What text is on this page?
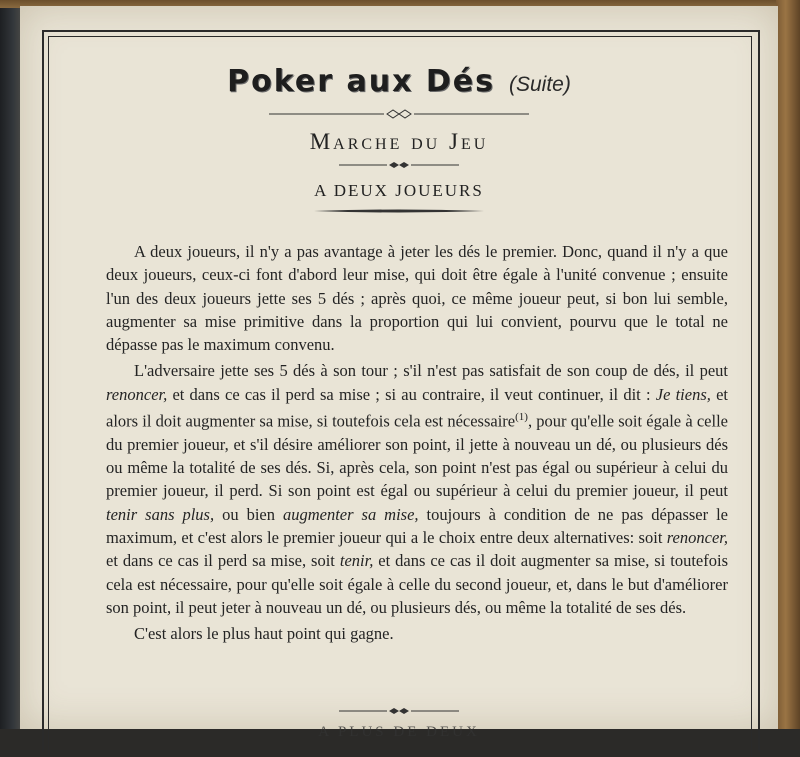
Poker aux Dés (Suite)
Marche du Jeu
A DEUX JOUEURS

A deux joueurs, il n'y a pas avantage à jeter les dés le premier. Donc, quand il n'y a que deux joueurs, ceux-ci font d'abord leur mise, qui doit être égale à l'unité convenue ; ensuite l'un des deux joueurs jette ses 5 dés ; après quoi, ce même joueur peut, si bon lui semble, augmenter sa mise primitive dans la proportion qui lui convient, pourvu que le total ne dépasse pas le maximum convenu.

L'adversaire jette ses 5 dés à son tour ; s'il n'est pas satisfait de son coup de dés, il peut renoncer, et dans ce cas il perd sa mise ; si au contraire, il veut continuer, il dit : Je tiens, et alors il doit augmenter sa mise, si toutefois cela est nécessaire$^{(1)}$, pour qu'elle soit égale à celle du premier joueur, et s'il désire améliorer son point, il jette à nouveau un dé, ou plusieurs dés ou même la totalité de ses dés. Si, après cela, son point n'est pas égal ou supérieur à celui du premier joueur, il perd. Si son point est égal ou supérieur à celui du premier joueur, il peut tenir sans plus, ou bien augmenter sa mise, toujours à condition de ne pas dépasser le maximum, et c'est alors le premier joueur qui a le choix entre deux alternatives: soit renoncer, et dans ce cas il perd sa mise, soit tenir, et dans ce cas il doit augmenter sa mise, si toutefois cela est nécessaire, pour qu'elle soit égale à celle du second joueur, et, dans le but d'améliorer son point, il peut jeter à nouveau un dé, ou plusieurs dés, ou même la totalité de ses dés.

C'est alors le plus haut point qui gagne.

A PLUS DE DEUX
